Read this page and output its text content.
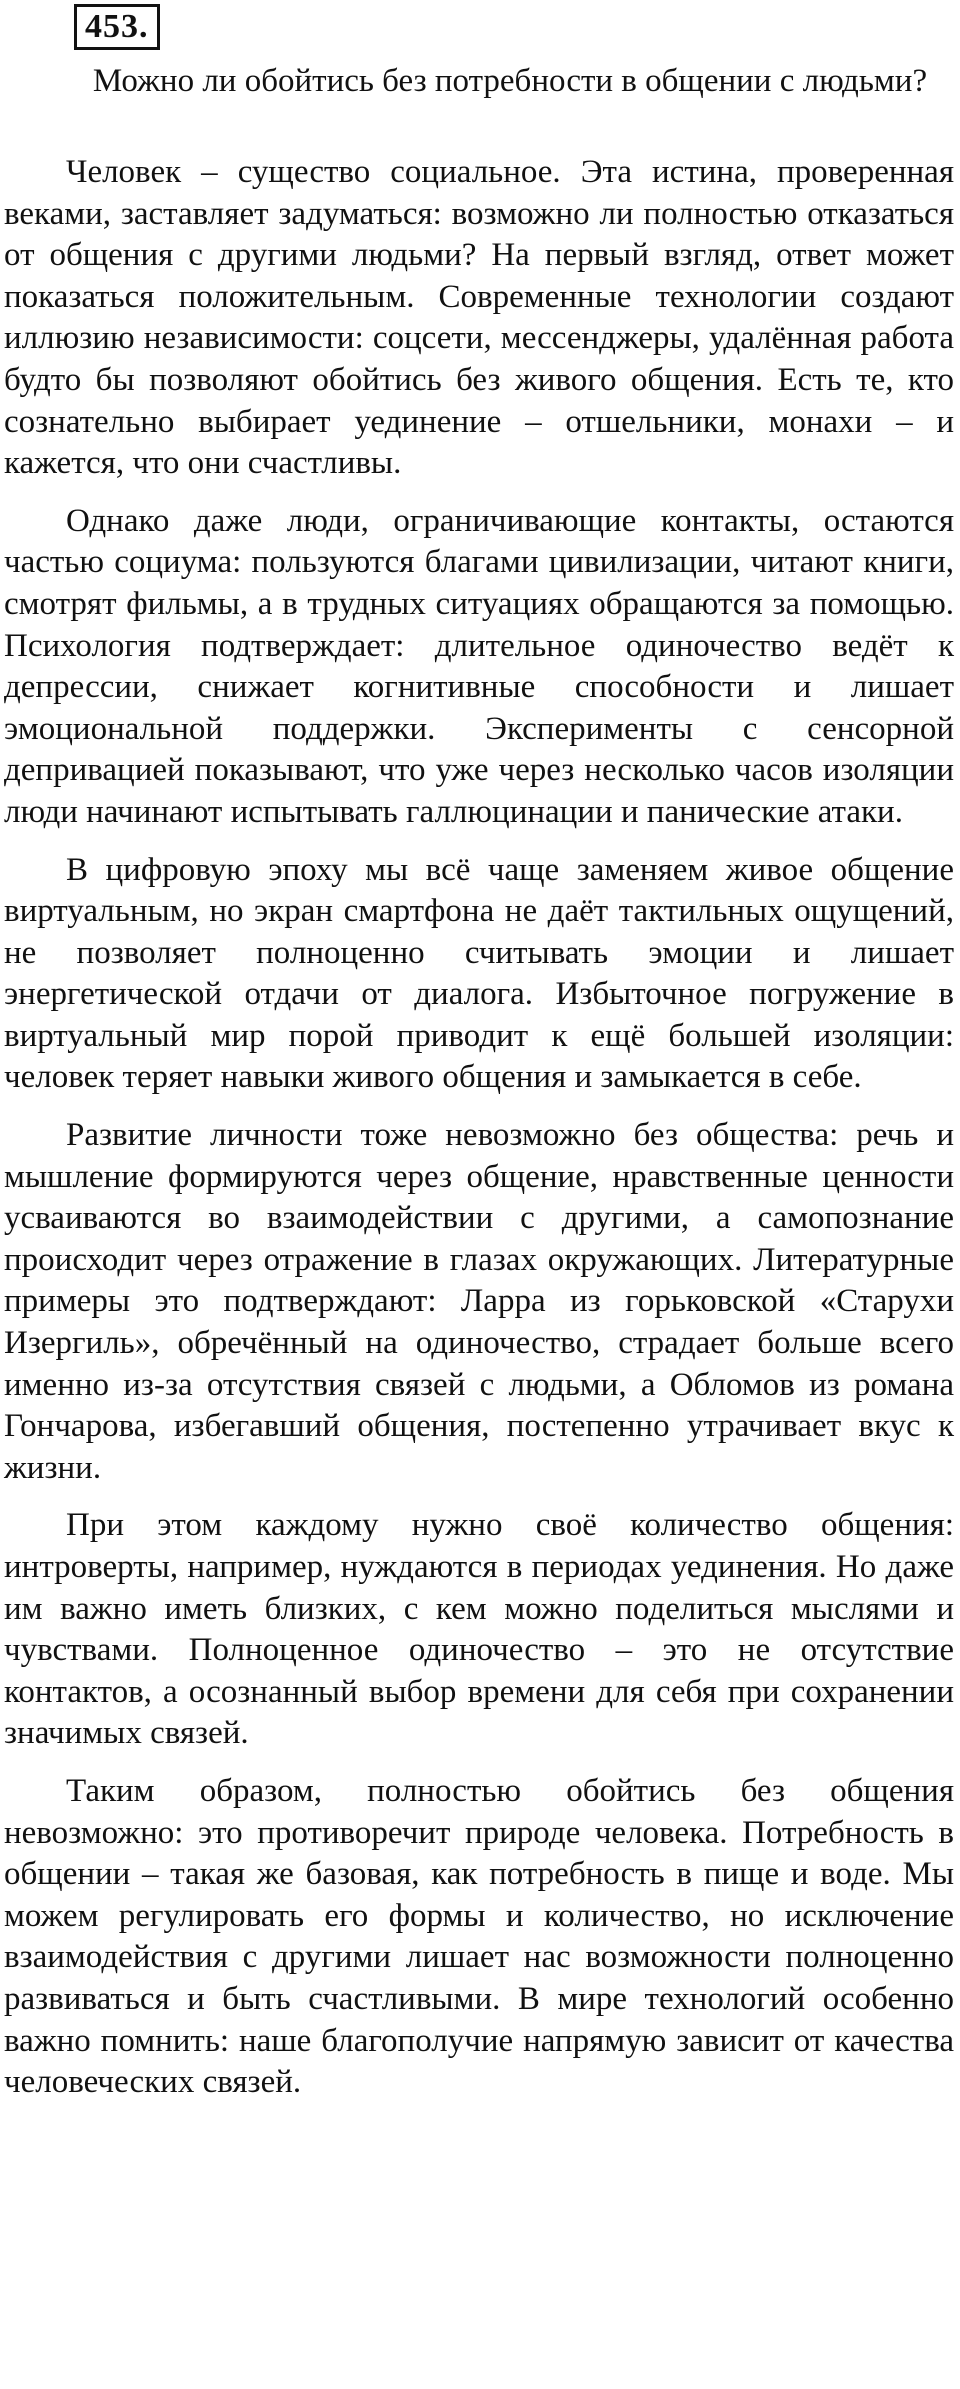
453.
Можно ли обойтись без потребности в общении с людьми?

Человек – существо социальное. Эта истина, проверенная веками, заставляет задуматься: возможно ли полностью отказаться от общения с другими людьми? На первый взгляд, ответ может показаться положительным. Современные технологии создают иллюзию независимости: соцсети, мессенджеры, удалённая работа будто бы позволяют обойтись без живого общения. Есть те, кто сознательно выбирает уединение – отшельники, монахи – и кажется, что они счастливы.

Однако даже люди, ограничивающие контакты, остаются частью социума: пользуются благами цивилизации, читают книги, смотрят фильмы, а в трудных ситуациях обращаются за помощью. Психология подтверждает: длительное одиночество ведёт к депрессии, снижает когнитивные способности и лишает эмоциональной поддержки. Эксперименты с сенсорной депривацией показывают, что уже через несколько часов изоляции люди начинают испытывать галлюцинации и панические атаки.

В цифровую эпоху мы всё чаще заменяем живое общение виртуальным, но экран смартфона не даёт тактильных ощущений, не позволяет полноценно считывать эмоции и лишает энергетической отдачи от диалога. Избыточное погружение в виртуальный мир порой приводит к ещё большей изоляции: человек теряет навыки живого общения и замыкается в себе.

Развитие личности тоже невозможно без общества: речь и мышление формируются через общение, нравственные ценности усваиваются во взаимодействии с другими, а самопознание происходит через отражение в глазах окружающих. Литературные примеры это подтверждают: Ларра из горьковской «Старухи Изергиль», обречённый на одиночество, страдает больше всего именно из-за отсутствия связей с людьми, а Обломов из романа Гончарова, избегавший общения, постепенно утрачивает вкус к жизни.

При этом каждому нужно своё количество общения: интроверты, например, нуждаются в периодах уединения. Но даже им важно иметь близких, с кем можно поделиться мыслями и чувствами. Полноценное одиночество – это не отсутствие контактов, а осознанный выбор времени для себя при сохранении значимых связей.

Таким образом, полностью обойтись без общения невозможно: это противоречит природе человека. Потребность в общении – такая же базовая, как потребность в пище и воде. Мы можем регулировать его формы и количество, но исключение взаимодействия с другими лишает нас возможности полноценно развиваться и быть счастливыми. В мире технологий особенно важно помнить: наше благополучие напрямую зависит от качества человеческих связей.
